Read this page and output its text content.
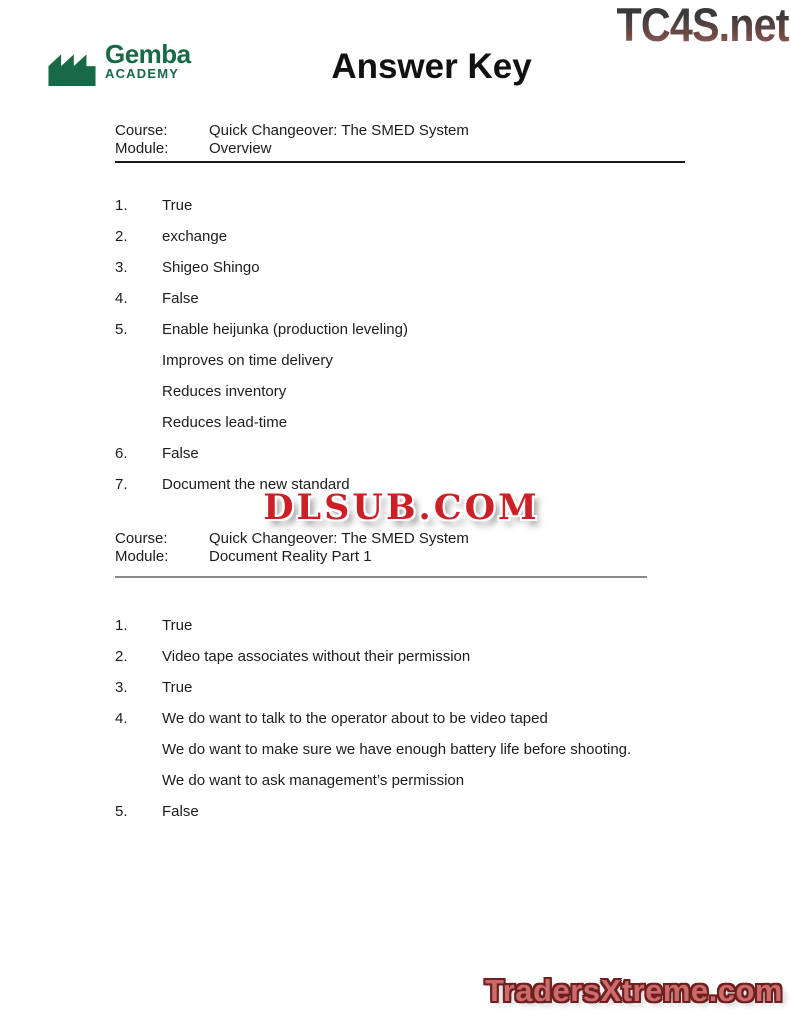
TC4S.net
Gemba
ACADEMY	Answer Key
Course:	Quick Changeover: The SMED System
Module:	Overview
1.	True
2.	exchange
3.	Shigeo Shingo
4.	False
5.	Enable heijunka (production leveling)
Improves on time delivery
Reduces inventory
Reduces lead-time
6.	False
7.	Document the new standard
Course:	Quick Changeover: The SMED System
Module:	Document Reality Part 1
1.	True
2.	Video tape associates without their permission
3.	True
4.	We do want to talk to the operator about to be video taped
We do want to make sure we have enough battery life before shooting.
We do want to ask management’s permission
5.	False
DLSUB.COM
TradersXtreme.com
